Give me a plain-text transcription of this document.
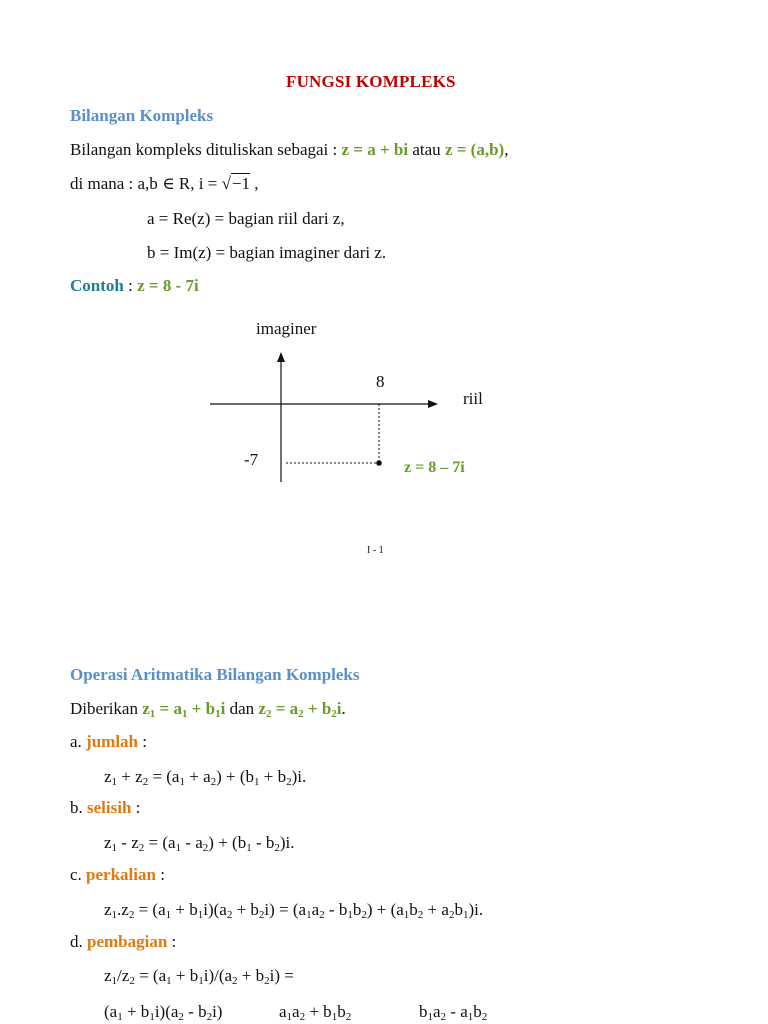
FUNGSI KOMPLEKS
Bilangan Kompleks
Bilangan kompleks dituliskan sebagai : z = a + bi atau z = (a,b),
di mana : a,b ∈ R, i = √−1 ,
a = Re(z) = bagian riil dari z,
b = Im(z) = bagian imaginer dari z.
Contoh : z = 8 - 7i
imaginer
8
riil
-7	z = 8 – 7i
I - 1
Operasi Aritmatika Bilangan Kompleks
Diberikan $z_1 = a_1 + b_1i$ dan $z_2 = a_2 + b_2i$.
a. jumlah :
$z_1 + z_2 = (a_1 + a_2) + (b_1 + b_2)i$.
b. selisih :
$z_1 - z_2 = (a_1 - a_2) + (b_1 - b_2)i$.
c. perkalian :
$z_1.z_2 = (a_1 + b_1i)(a_2 + b_2i) = (a_1a_2 - b_1b_2) + (a_1b_2 + a_2b_1)i$.
d. pembagian :
$z_1/z_2 = (a_1 + b_1i)/(a_2 + b_2i)$ =
$(a_1 + b_1i)(a_2 - b_2i)$	$a_1a_2 + b_1b_2$	$b_1a_2 - a_1b_2$
